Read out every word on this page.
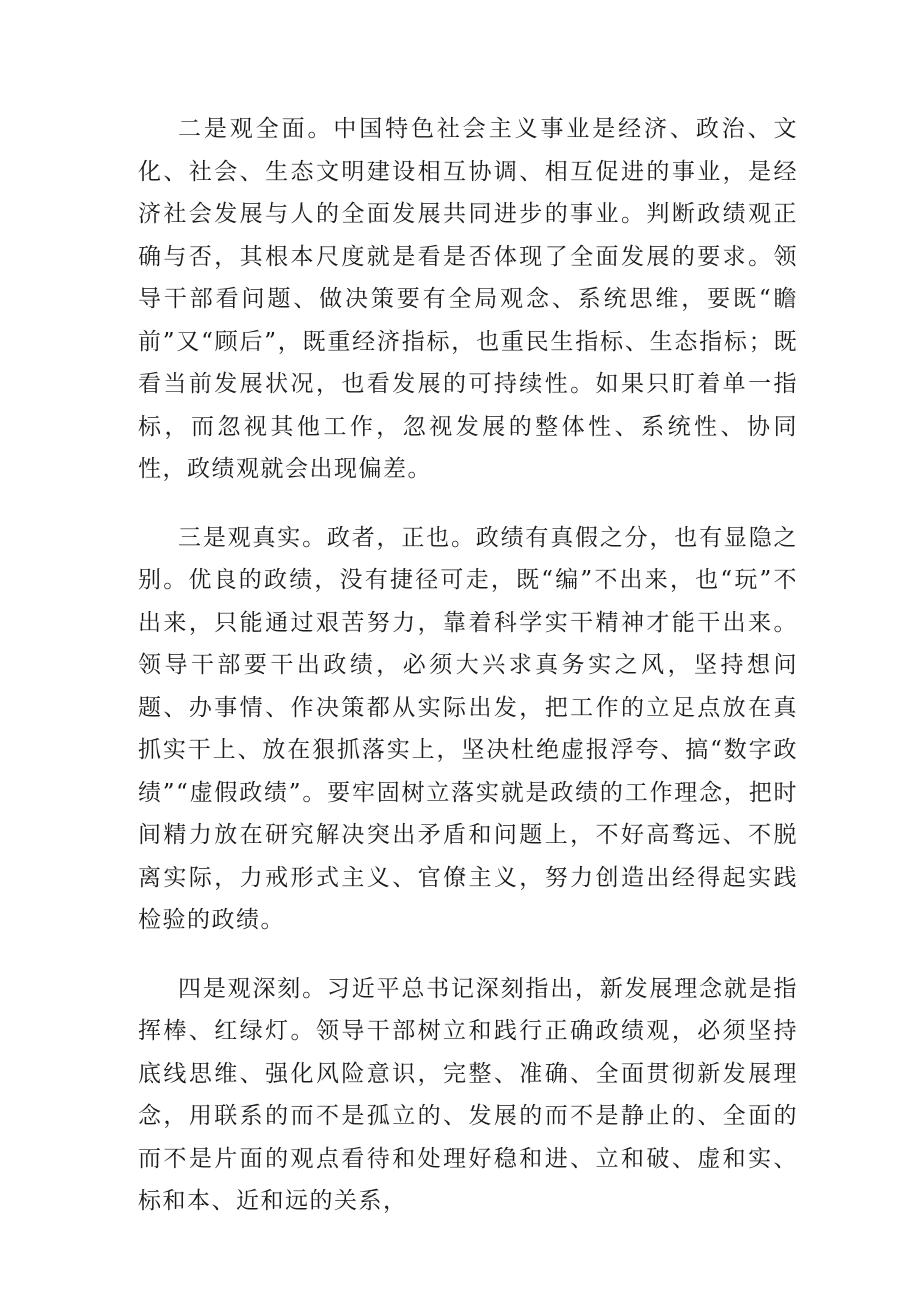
二是观全面。中国特色社会主义事业是经济、政治、文化、社会、生态文明建设相互协调、相互促进的事业，是经济社会发展与人的全面发展共同进步的事业。判断政绩观正确与否，其根本尺度就是看是否体现了全面发展的要求。领导干部看问题、做决策要有全局观念、系统思维，要既“瞻前”又“顾后”，既重经济指标，也重民生指标、生态指标；既看当前发展状况，也看发展的可持续性。如果只盯着单一指标，而忽视其他工作，忽视发展的整体性、系统性、协同性，政绩观就会出现偏差。

三是观真实。政者，正也。政绩有真假之分，也有显隐之别。优良的政绩，没有捷径可走，既“编”不出来，也“玩”不出来，只能通过艰苦努力，靠着科学实干精神才能干出来。领导干部要干出政绩，必须大兴求真务实之风，坚持想问题、办事情、作决策都从实际出发，把工作的立足点放在真抓实干上、放在狠抓落实上，坚决杜绝虚报浮夸、搞“数字政绩”“虚假政绩”。要牢固树立落实就是政绩的工作理念，把时间精力放在研究解决突出矛盾和问题上，不好高骛远、不脱离实际，力戒形式主义、官僚主义，努力创造出经得起实践检验的政绩。

四是观深刻。习近平总书记深刻指出，新发展理念就是指挥棒、红绿灯。领导干部树立和践行正确政绩观，必须坚持底线思维、强化风险意识，完整、准确、全面贯彻新发展理念，用联系的而不是孤立的、发展的而不是静止的、全面的而不是片面的观点看待和处理好稳和进、立和破、虚和实、标和本、近和远的关系，
